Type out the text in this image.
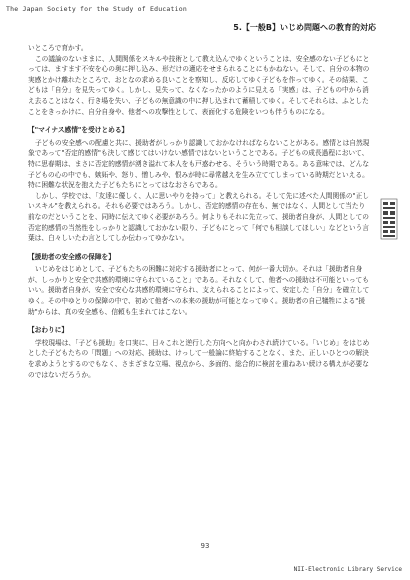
The Japan Society for the Study of Education
5.【一般B】いじめ問題への教育的対応

いところで育かす。

この議論のないままに、人間関係をスキルや技術として教え込んでゆくということは、安全感のない子どもにとっては、ますます不安を心の奥に押し込み、形だけの適応をせまられることにもかねない。そして、自分の本物の実感とかけ離れたところで、おとなの求める良いことを察知し、反応してゆく子どもを作ってゆく。その結果、こどもは「自分」を見失ってゆく。しかし、見失って、なくなったかのように見える「実感」は、子どもの中から消え去ることはなく、行き場を失い、子どもの無意識の中に押し込まれて蓄積してゆく。そしてそれらは、ふとしたことをきっかけに、自分自身や、他者への攻撃性として、表面化する危険をいつも伴うものになる。

【"マイナス感情"を受けとめる】

子どもの安全感への配慮と共に、援助者がしっかり認識しておかなければならないことがある。感情とは自然現象であって"否定的感情"も決して感じてはいけない感情ではないということである。子どもの成長過程において、特に思春期は、まさに否定的感情が湧き溢れて本人をも戸惑わせる、そういう時期である。ある意味では、どんな子どもの心の中でも、嫉妬や、怒り、憎しみや、恨みが時に尋常越えを生み立ててしまっている時期だといえる。特に困難な状況を抱えた子どもたちにとってはなおさらである。

しかし、学校では、「友達に優しく、人に思いやりを持って」と教えられる。そして先に述べた人間関係の"正しいスキル"を教えられる。それも必要ではあろう。しかし、否定的感情の存在も、無ではなく、人間として当たり前なのだということを、同時に伝えてゆく必要があろう。何よりもそれに先立って、援助者自身が、人間としての否定的感情の当然性をしっかりと認識しておかない限り、子どもにとって「何でも相談してほしい」などという言葉は、白々しいたわ言としてしか伝わってゆかない。

【援助者の安全感の保障を】

いじめをはじめとして、子どもたちの困難に対応する援助者にとって、何が一番大切か。それは「援助者自身が、しっかりと安全で共感的環境に守られていること」である。それなくして、他者への援助は不可能といってもいい。援助者自身が、安全で安心な共感的環境に守られ、支えられることによって、安定した「自分」を確立してゆく。その中ゆとりの保障の中で、初めて他者への本来の援助が可能となってゆく。援助者の自己犠牲による"援助"からは、真の安全感も、信頼も生まれてはこない。

【おわりに】

学校現場は、「子ども援助」を口実に、日々これと逆行した方向へと向かわされ続けている。「いじめ」をはじめとした子どもたちの「問題」への対応、援助は、けっして一般論に終始することなく、また、正しいひとつの解決を求めようとするのでもなく、さまざまな立場、視点から、多面的、総合的に検討を重ねあい続ける構えが必要なのではないだろうか。

93
NII-Electronic Library Service
